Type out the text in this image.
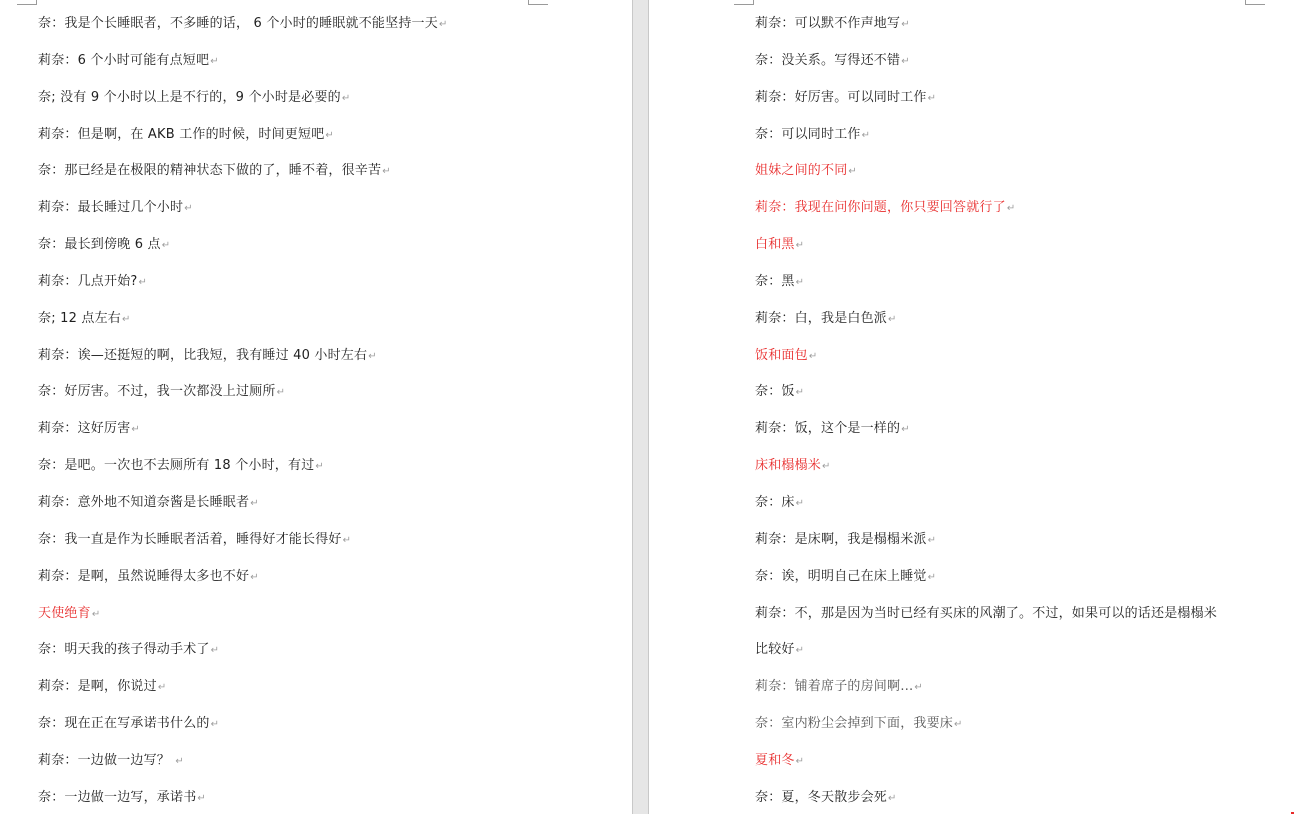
奈：我是个长睡眠者，不多睡的话， 6 个小时的睡眠就不能坚持一天↵
莉奈：6 个小时可能有点短吧↵
奈; 没有 9 个小时以上是不行的，9 个小时是必要的↵
莉奈：但是啊，在 AKB 工作的时候，时间更短吧↵
奈：那已经是在极限的精神状态下做的了，睡不着，很辛苦↵
莉奈：最长睡过几个小时↵
奈：最长到傍晚 6 点↵
莉奈：几点开始?↵
奈; 12 点左右↵
莉奈：诶—还挺短的啊，比我短，我有睡过 40 小时左右↵
奈：好厉害。不过，我一次都没上过厕所↵
莉奈：这好厉害↵
奈：是吧。一次也不去厕所有 18 个小时，有过↵
莉奈：意外地不知道奈酱是长睡眠者↵
奈：我一直是作为长睡眠者活着，睡得好才能长得好↵
莉奈：是啊，虽然说睡得太多也不好↵
天使绝育↵
奈：明天我的孩子得动手术了↵
莉奈：是啊，你说过↵
奈：现在正在写承诺书什么的↵
莉奈：一边做一边写？ ↵
奈：一边做一边写，承诺书↵
莉奈：可以默不作声地写↵
奈：没关系。写得还不错↵
莉奈：好厉害。可以同时工作↵
奈：可以同时工作↵
姐妹之间的不同↵
莉奈：我现在问你问题，你只要回答就行了↵
白和黑↵
奈：黑↵
莉奈：白，我是白色派↵
饭和面包↵
奈：饭↵
莉奈：饭，这个是一样的↵
床和榻榻米↵
奈：床↵
莉奈：是床啊，我是榻榻米派↵
奈：诶，明明自己在床上睡觉↵
莉奈：不，那是因为当时已经有买床的风潮了。不过，如果可以的话还是榻榻米
比较好↵
莉奈：铺着席子的房间啊…↵
奈：室内粉尘会掉到下面，我要床↵
夏和冬↵
奈：夏，冬天散步会死↵
